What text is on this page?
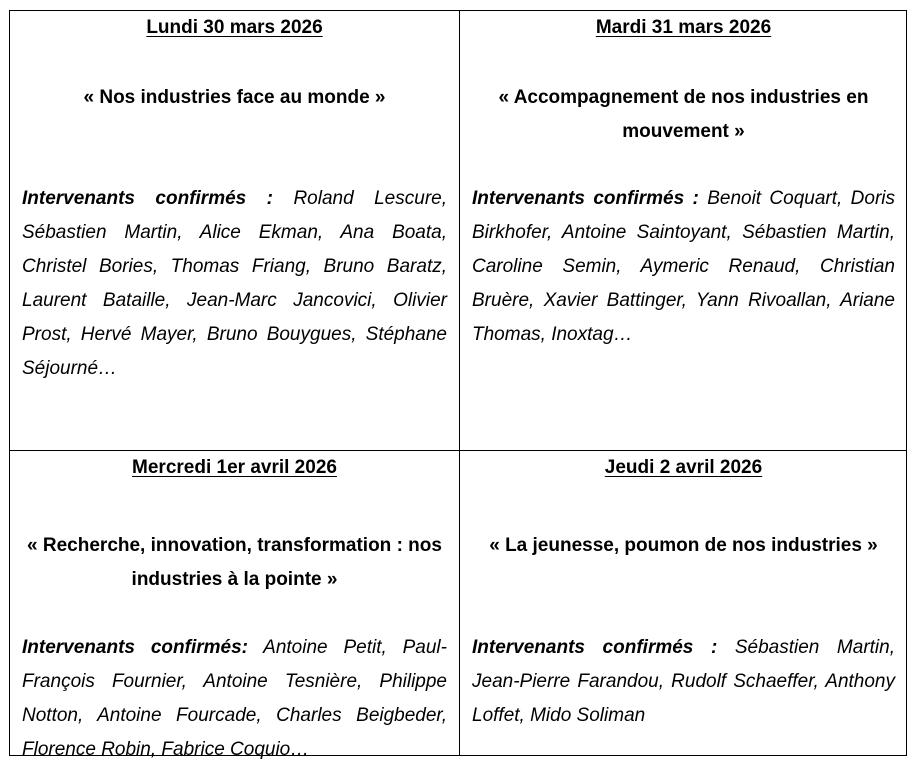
Lundi 30 mars 2026

« Nos industries face au monde »

Intervenants confirmés : Roland Lescure, Sébastien Martin, Alice Ekman, Ana Boata, Christel Bories, Thomas Friang, Bruno Baratz, Laurent Bataille, Jean-Marc Jancovici, Olivier Prost, Hervé Mayer, Bruno Bouygues, Stéphane Séjourné…

Mardi 31 mars 2026

« Accompagnement de nos industries en mouvement »

Intervenants confirmés : Benoit Coquart, Doris Birkhofer, Antoine Saintoyant, Sébastien Martin, Caroline Semin, Aymeric Renaud, Christian Bruère, Xavier Battinger, Yann Rivoallan, Ariane Thomas, Inoxtag…

Mercredi 1er avril 2026

« Recherche, innovation, transformation : nos industries à la pointe »

Intervenants confirmés: Antoine Petit, Paul-François Fournier, Antoine Tesnière, Philippe Notton, Antoine Fourcade, Charles Beigbeder, Florence Robin, Fabrice Coquio…

Jeudi 2 avril 2026

« La jeunesse, poumon de nos industries »

Intervenants confirmés : Sébastien Martin, Jean-Pierre Farandou, Rudolf Schaeffer, Anthony Loffet, Mido Soliman
